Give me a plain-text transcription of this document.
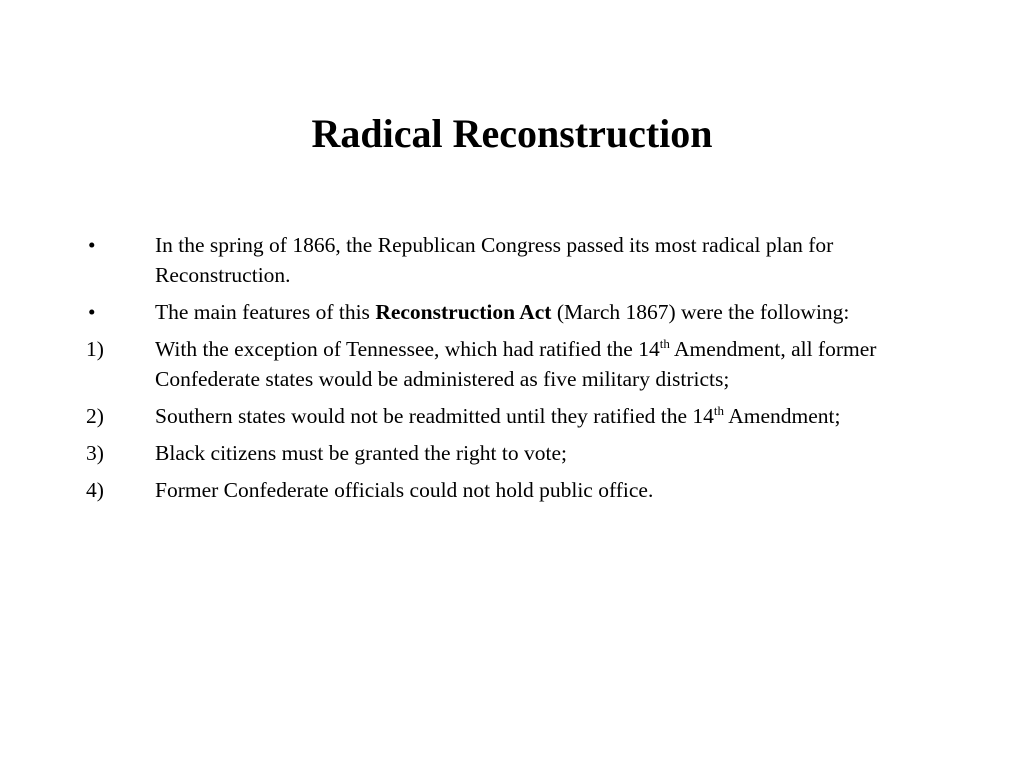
Radical Reconstruction
•	In the spring of 1866, the Republican Congress passed its most radical plan for Reconstruction.
•	The main features of this Reconstruction Act (March 1867) were the following:
1)	With the exception of Tennessee, which had ratified the 14th Amendment, all former Confederate states would be administered as five military districts;
2)	Southern states would not be readmitted until they ratified the 14th Amendment;
3)	Black citizens must be granted the right to vote;
4)	Former Confederate officials could not hold public office.
